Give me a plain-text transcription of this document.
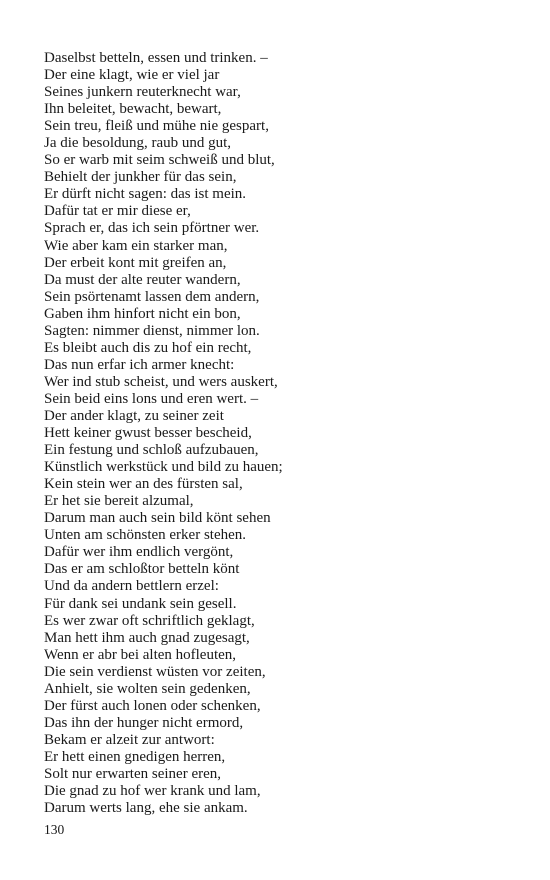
Daselbst betteln, essen und trinken. –
Der eine klagt, wie er viel jar
Seines junkern reuterknecht war,
Ihn beleitet, bewacht, bewart,
Sein treu, fleiß und mühe nie gespart,
Ja die besoldung, raub und gut,
So er warb mit seim schweiß und blut,
Behielt der junkher für das sein,
Er dürft nicht sagen: das ist mein.
Dafür tat er mir diese er,
Sprach er, das ich sein pförtner wer.
Wie aber kam ein starker man,
Der erbeit kont mit greifen an,
Da must der alte reuter wandern,
Sein psörtenamt lassen dem andern,
Gaben ihm hinfort nicht ein bon,
Sagten: nimmer dienst, nimmer lon.
Es bleibt auch dis zu hof ein recht,
Das nun erfar ich armer knecht:
Wer ind stub scheist, und wers auskert,
Sein beid eins lons und eren wert. –
Der ander klagt, zu seiner zeit
Hett keiner gwust besser bescheid,
Ein festung und schloß aufzubauen,
Künstlich werkstück und bild zu hauen;
Kein stein wer an des fürsten sal,
Er het sie bereit alzumal,
Darum man auch sein bild könt sehen
Unten am schönsten erker stehen.
Dafür wer ihm endlich vergönt,
Das er am schloßtor betteln könt
Und da andern bettlern erzel:
Für dank sei undank sein gesell.
Es wer zwar oft schriftlich geklagt,
Man hett ihm auch gnad zugesagt,
Wenn er abr bei alten hofleuten,
Die sein verdienst wüsten vor zeiten,
Anhielt, sie wolten sein gedenken,
Der fürst auch lonen oder schenken,
Das ihn der hunger nicht ermord,
Bekam er alzeit zur antwort:
Er hett einen gnedigen herren,
Solt nur erwarten seiner eren,
Die gnad zu hof wer krank und lam,
Darum werts lang, ehe sie ankam.
130
